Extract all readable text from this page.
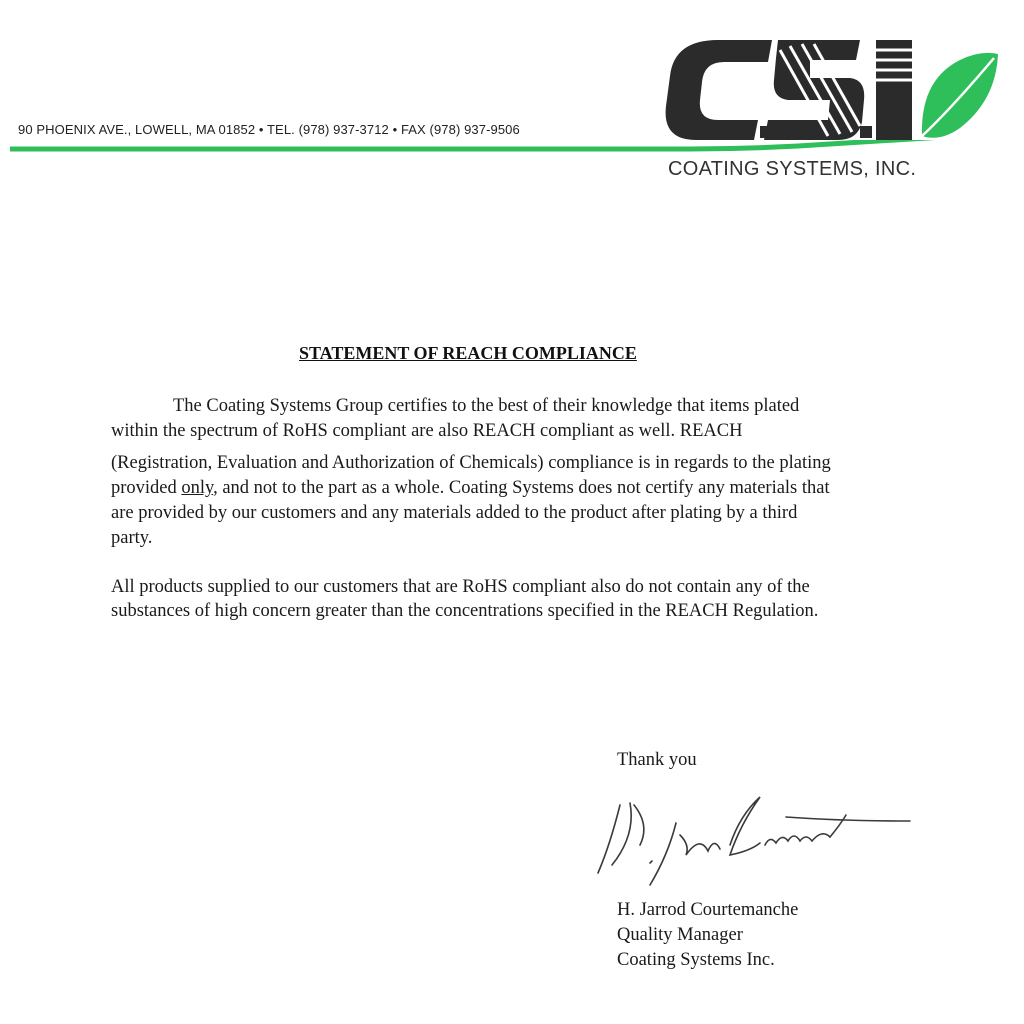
90 PHOENIX AVE., LOWELL, MA 01852 • TEL. (978) 937-3712 • FAX (978) 937-9506
COATING SYSTEMS, INC.
STATEMENT OF REACH COMPLIANCE
The Coating Systems Group certifies to the best of their knowledge that items plated
within the spectrum of RoHS compliant are also REACH compliant as well. REACH
(Registration, Evaluation and Authorization of Chemicals) compliance is in regards to the plating
provided only, and not to the part as a whole. Coating Systems does not certify any materials that
are provided by our customers and any materials added to the product after plating by a third
party.
All products supplied to our customers that are RoHS compliant also do not contain any of the
substances of high concern greater than the concentrations specified in the REACH Regulation.
Thank you
H. Jarrod Courtemanche
Quality Manager
Coating Systems Inc.
